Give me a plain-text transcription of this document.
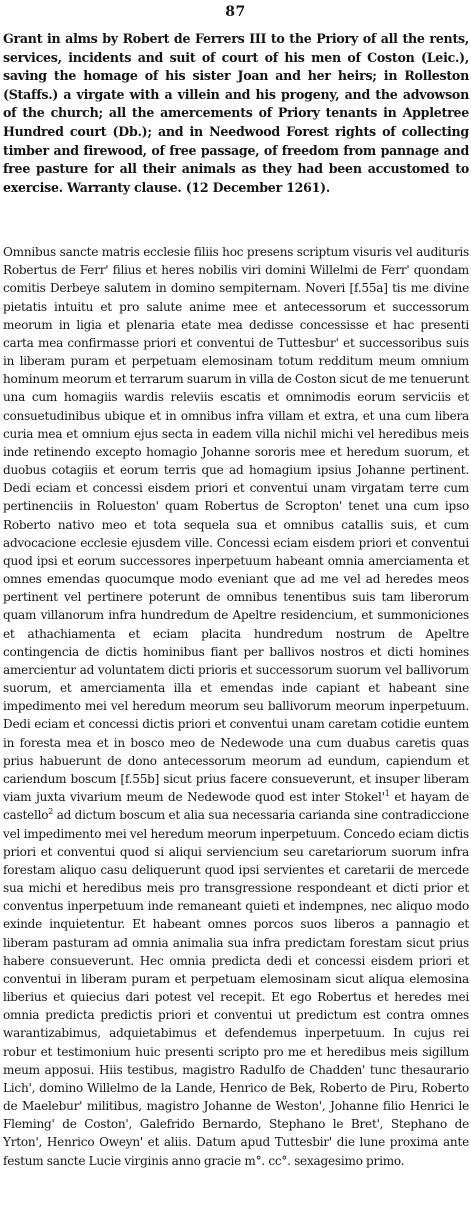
87

Grant in alms by Robert de Ferrers III to the Priory of all the rents, services, incidents and suit of court of his men of Coston (Leic.), saving the homage of his sister Joan and her heirs; in Rolleston (Staffs.) a virgate with a villein and his progeny, and the advowson of the church; all the amercements of Priory tenants in Appletree Hundred court (Db.); and in Needwood Forest rights of collecting timber and firewood, of free passage, of freedom from pannage and free pasture for all their animals as they had been accustomed to exercise. Warranty clause. (12 December 1261).

Omnibus sancte matris ecclesie filiis hoc presens scriptum visuris vel audituris Robertus de Ferr' filius et heres nobilis viri domini Willelmi de Ferr' quondam comitis Derbeye salutem in domino sempiternam. Noveri [f.55a] tis me divine pietatis intuitu et pro salute anime mee et antecessorum et successorum meorum in ligia et plenaria etate mea dedisse concessisse et hac presenti carta mea confirmasse priori et conventui de Tuttesbur' et successoribus suis in liberam puram et perpetuam elemosinam totum redditum meum omnium hominum meorum et terrarum suarum in villa de Coston sicut de me tenuerunt una cum homagiis wardis releviis escatis et omnimodis eorum serviciis et consuetudinibus ubique et in omnibus infra villam et extra, et una cum libera curia mea et omnium ejus secta in eadem villa nichil michi vel heredibus meis inde retinendo excepto homagio Johanne sororis mee et heredum suorum, et duobus cotagiis et eorum terris que ad homagium ipsius Johanne pertinent. Dedi eciam et concessi eisdem priori et conventui unam virgatam terre cum pertinenciis in Rolueston' quam Robertus de Scropton' tenet una cum ipso Roberto nativo meo et tota sequela sua et omnibus catallis suis, et cum advocacione ecclesie ejusdem ville. Concessi eciam eisdem priori et conventui quod ipsi et eorum successores inperpetuum habeant omnia amerciamenta et omnes emendas quocumque modo eveniant que ad me vel ad heredes meos pertinent vel pertinere poterunt de omnibus tenentibus suis tam liberorum quam villanorum infra hundredum de Apeltre residencium, et summoniciones et athachiamenta et eciam placita hundredum nostrum de Apeltre contingencia de dictis hominibus fiant per ballivos nostros et dicti homines amercientur ad voluntatem dicti prioris et successorum suorum vel ballivorum suorum, et amerciamenta illa et emendas inde capiant et habeant sine impedimento mei vel heredum meorum seu ballivorum meorum inperpetuum. Dedi eciam et concessi dictis priori et conventui unam caretam cotidie euntem in foresta mea et in bosco meo de Nedewode una cum duabus caretis quas prius habuerunt de dono antecessorum meorum ad eundum, capiendum et cariendum boscum [f.55b] sicut prius facere consueverunt, et insuper liberam viam juxta vivarium meum de Nedewode quod est inter Stokel'$^1$ et hayam de castello$^2$ ad dictum boscum et alia sua necessaria carianda sine contradiccione vel impedimento mei vel heredum meorum inperpetuum. Concedo eciam dictis priori et conventui quod si aliqui serviencium seu caretariorum suorum infra forestam aliquo casu deliquerunt quod ipsi servientes et caretarii de mercede sua michi et heredibus meis pro transgressione respondeant et dicti prior et conventus inperpetuum inde remaneant quieti et indempnes, nec aliquo modo exinde inquietentur. Et habeant omnes porcos suos liberos a pannagio et liberam pasturam ad omnia animalia sua infra predictam forestam sicut prius habere consueverunt. Hec omnia predicta dedi et concessi eisdem priori et conventui in liberam puram et perpetuam elemosinam sicut aliqua elemosina liberius et quiecius dari potest vel recepit. Et ego Robertus et heredes mei omnia predicta predictis priori et conventui ut predictum est contra omnes warantizabimus, adquietabimus et defendemus inperpetuum. In cujus rei robur et testimonium huic presenti scripto pro me et heredibus meis sigillum meum apposui. Hiis testibus, magistro Radulfo de Chadden' tunc thesaurario Lich', domino Willelmo de la Lande, Henrico de Bek, Roberto de Piru, Roberto de Maelebur' militibus, magistro Johanne de Weston', Johanne filio Henrici le Fleming' de Coston', Galefrido Bernardo, Stephano le Bret', Stephano de Yrton', Henrico Oweyn' et aliis. Datum apud Tuttesbir' die lune proxima ante festum sancte Lucie virginis anno gracie m°. cc°. sexagesimo primo.
